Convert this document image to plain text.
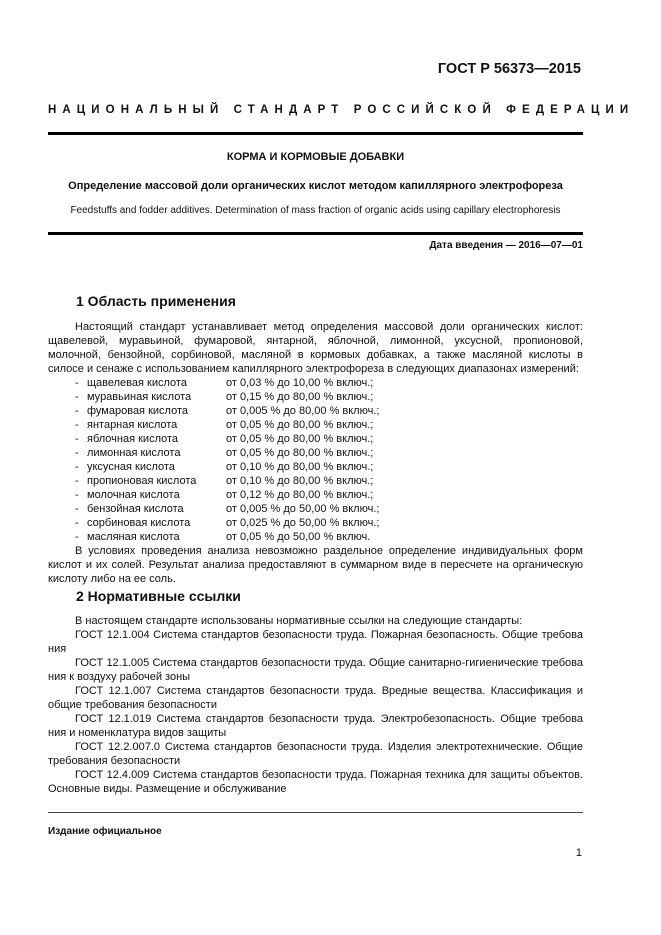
ГОСТ Р 56373—2015
НАЦИОНАЛЬНЫЙ СТАНДАРТ РОССИЙСКОЙ ФЕДЕРАЦИИ
КОРМА И КОРМОВЫЕ ДОБАВКИ
Определение массовой доли органических кислот методом капиллярного электрофореза
Feedstuffs and fodder additives. Determination of mass fraction of organic acids using capillary electrophoresis
Дата введения — 2016—07—01
1 Область применения

Настоящий стандарт устанавливает метод определения массовой доли органических кислот: щавелевой, муравьиной, фумаровой, янтарной, яблочной, лимонной, уксусной, пропионовой, молочной, бензойной, сорбиновой, масляной в кормовых добавках, а также масляной кислоты в силосе и сенаже с использованием капиллярного электрофореза в следующих диапазонах измерений:

- щавелевая кислота	от 0,03 % до 10,00 % включ.;
- муравьиная кислота	от 0,15 % до 80,00 % включ.;
- фумаровая кислота	от 0,005 % до 80,00 % включ.;
- янтарная кислота	от 0,05 % до 80,00 % включ.;
- яблочная кислота	от 0,05 % до 80,00 % включ.;
- лимонная кислота	от 0,05 % до 80,00 % включ.;
- уксусная кислота	от 0,10 % до 80,00 % включ.;
- пропионовая кислота	от 0,10 % до 80,00 % включ.;
- молочная кислота	от 0,12 % до 80,00 % включ.;
- бензойная кислота	от 0,005 % до 50,00 % включ.;
- сорбиновая кислота	от 0,025 % до 50,00 % включ.;
- масляная кислота	от 0,05 % до 50,00 % включ.

В условиях проведения анализа невозможно раздельное определение индивидуальных форм кислот и их солей. Результат анализа предоставляют в суммарном виде в пересчете на органическую кислоту либо на ее соль.

2 Нормативные ссылки

В настоящем стандарте использованы нормативные ссылки на следующие стандарты:

ГОСТ 12.1.004 Система стандартов безопасности труда. Пожарная безопасность. Общие требова

ния

ГОСТ 12.1.005 Система стандартов безопасности труда. Общие санитарно-гигиенические требова

ния к воздуху рабочей зоны

ГОСТ 12.1.007 Система стандартов безопасности труда. Вредные вещества. Классификация и

общие требования безопасности

ГОСТ 12.1.019 Система стандартов безопасности труда. Электробезопасность. Общие требова

ния и номенклатура видов защиты

ГОСТ 12.2.007.0 Система стандартов безопасности труда. Изделия электротехнические. Общие

требования безопасности

ГОСТ 12.4.009 Система стандартов безопасности труда. Пожарная техника для защиты объектов.

Основные виды. Размещение и обслуживание

Издание официальное
1
